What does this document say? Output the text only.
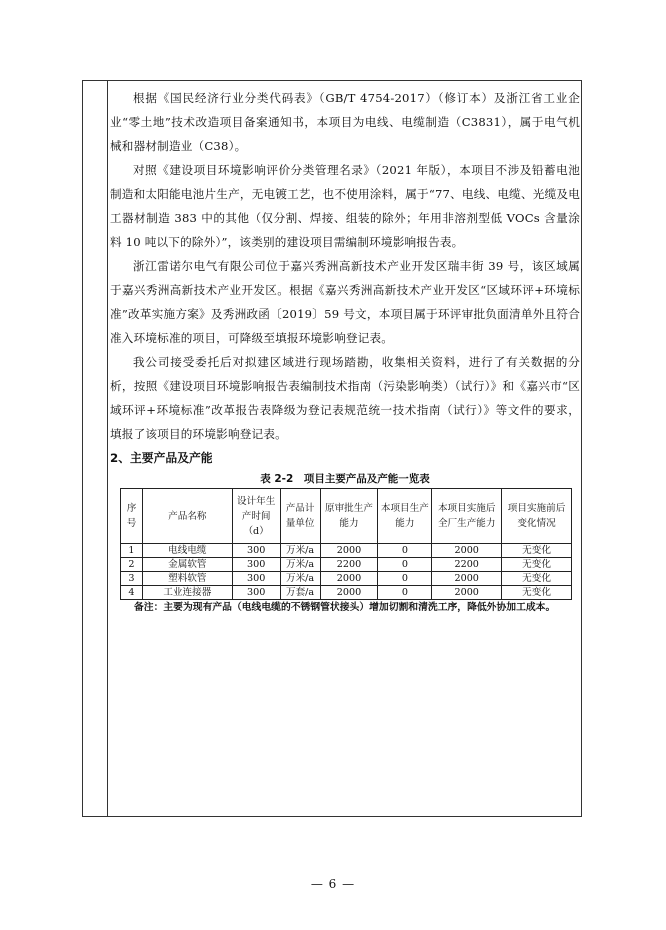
根据《国民经济行业分类代码表》（GB/T 4754-2017）（修订本）及浙江省工业企业“零土地”技术改造项目备案通知书，本项目为电线、电缆制造（C3831），属于电气机械和器材制造业（C38）。

对照《建设项目环境影响评价分类管理名录》（2021 年版），本项目不涉及铅蓄电池制造和太阳能电池片生产，无电镀工艺，也不使用涂料，属于“77、电线、电缆、光缆及电工器材制造 383 中的其他（仅分割、焊接、组装的除外；年用非溶剂型低 VOCs 含量涂料 10 吨以下的除外）”，该类别的建设项目需编制环境影响报告表。

浙江雷诺尔电气有限公司位于嘉兴秀洲高新技术产业开发区瑞丰街 39 号，该区域属于嘉兴秀洲高新技术产业开发区。根据《嘉兴秀洲高新技术产业开发区“区域环评+环境标准”改革实施方案》及秀洲政函〔2019〕59 号文，本项目属于环评审批负面清单外且符合准入环境标准的项目，可降级至填报环境影响登记表。

我公司接受委托后对拟建区域进行现场踏勘，收集相关资料，进行了有关数据的分析，按照《建设项目环境影响报告表编制技术指南（污染影响类）（试行）》和《嘉兴市“区域环评+环境标准”改革报告表降级为登记表规范统一技术指南（试行）》等文件的要求，填报了该项目的环境影响登记表。

2、主要产品及产能

表 2-2　项目主要产品及产能一览表

序号	产品名称	设计年生产时间（d）	产品计量单位	原审批生产能力	本项目生产能力	本项目实施后全厂生产能力	项目实施前后变化情况
1	电线电缆	300	万米/a	2000	0	2000	无变化
2	金属软管	300	万米/a	2200	0	2200	无变化
3	塑料软管	300	万米/a	2000	0	2000	无变化
4	工业连接器	300	万套/a	2000	0	2000	无变化

备注：主要为现有产品（电线电缆的不锈钢管状接头）增加切割和清洗工序，降低外协加工成本。

— 6 —
